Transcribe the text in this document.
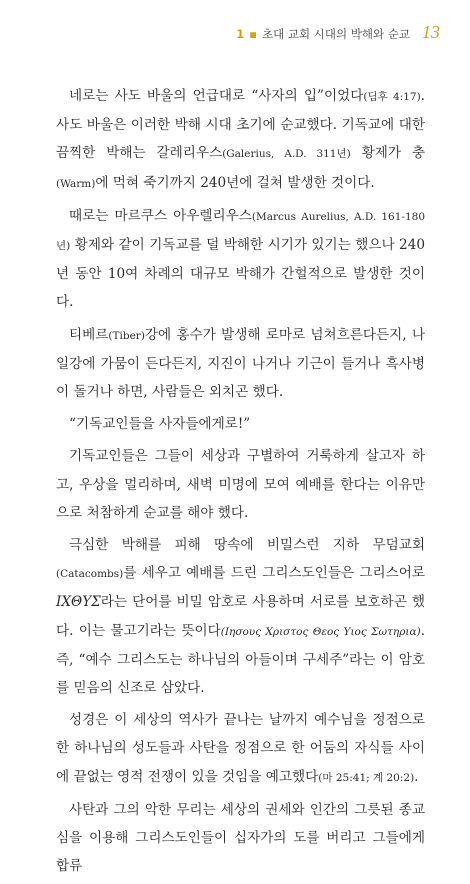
1 ▪ 초대 교회 시대의 박해와 순교 13

네로는 사도 바울의 언급대로 “사자의 입”이었다(딤후 4:17). 사도 바울은 이러한 박해 시대 초기에 순교했다. 기독교에 대한 끔찍한 박해는 갈레리우스(Galerius, A.D. 311년) 황제가 충(Warm)에 먹혀 죽기까지 240년에 걸쳐 발생한 것이다.

때로는 마르쿠스 아우렐리우스(Marcus Aurelius, A.D. 161-180년) 황제와 같이 기독교를 덜 박해한 시기가 있기는 했으나 240년 동안 10여 차례의 대규모 박해가 간헐적으로 발생한 것이다.

티베르(Tiber)강에 홍수가 발생해 로마로 넘쳐흐른다든지, 나일강에 가뭄이 든다든지, 지진이 나거나 기근이 들거나 흑사병이 돌거나 하면, 사람들은 외치곤 했다.

“기독교인들을 사자들에게로!”

기독교인들은 그들이 세상과 구별하여 거룩하게 살고자 하고, 우상을 멀리하며, 새벽 미명에 모여 예배를 한다는 이유만으로 처참하게 순교를 해야 했다.

극심한 박해를 피해 땅속에 비밀스런 지하 무덤교회(Catacombs)를 세우고 예배를 드린 그리스도인들은 그리스어로 ΙΧΘΥΣ라는 단어를 비밀 암호로 사용하며 서로를 보호하곤 했다. 이는 물고기라는 뜻이다(Ιησους Χριστος Θεος Υιος Σωτηρια). 즉, “예수 그리스도는 하나님의 아들이며 구세주”라는 이 암호를 믿음의 신조로 삼았다.

성경은 이 세상의 역사가 끝나는 날까지 예수님을 정점으로 한 하나님의 성도들과 사탄을 정점으로 한 어둠의 자식들 사이에 끝없는 영적 전쟁이 있을 것임을 예고했다(마 25:41; 계 20:2).

사탄과 그의 악한 무리는 세상의 권세와 인간의 그릇된 종교심을 이용해 그리스도인들이 십자가의 도를 버리고 그들에게 합류
